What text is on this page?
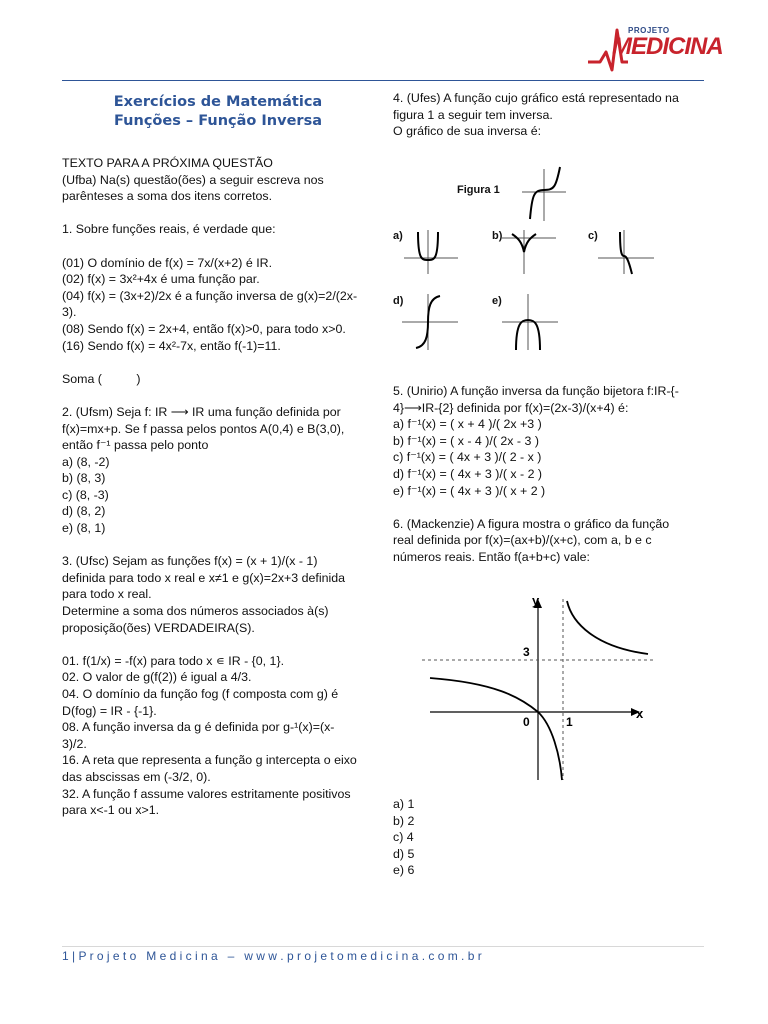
PROJETO
MEDICINA
Exercícios de Matemática
Funções – Função Inversa
TEXTO PARA A PRÓXIMA QUESTÃO
(Ufba) Na(s) questão(ões) a seguir escreva nos
parênteses a soma dos itens corretos.
1. Sobre funções reais, é verdade que:
(01) O domínio de f(x) = 7x/(x+2) é IR.
(02) f(x) = 3x²+4x é uma função par.
(04) f(x) = (3x+2)/2x é a função inversa de g(x)=2/(2x-
3).
(08) Sendo f(x) = 2x+4, então f(x)>0, para todo x>0.
(16) Sendo f(x) = 4x²-7x, então f(-1)=11.
Soma (          )
2. (Ufsm) Seja f: IR ⟶ IR uma função definida por
f(x)=mx+p. Se f passa pelos pontos A(0,4) e B(3,0),
então f⁻¹ passa pelo ponto
a) (8, -2)
b) (8, 3)
c) (8, -3)
d) (8, 2)
e) (8, 1)
3. (Ufsc) Sejam as funções f(x) = (x + 1)/(x - 1)
definida para todo x real e x≠1 e g(x)=2x+3 definida
para todo x real.
Determine a soma dos números associados à(s)
proposição(ões) VERDADEIRA(S).
01. f(1/x) = -f(x) para todo x ∊ IR - {0, 1}.
02. O valor de g(f(2)) é igual a 4/3.
04. O domínio da função fog (f composta com g) é
D(fog) = IR - {-1}.
08. A função inversa da g é definida por g-¹(x)=(x-
3)/2.
16. A reta que representa a função g intercepta o eixo
das abscissas em (-3/2, 0).
32. A função f assume valores estritamente positivos
para x<-1 ou x>1.
4. (Ufes) A função cujo gráfico está representado na
figura 1 a seguir tem inversa.
O gráfico de sua inversa é:
Figura 1
a)	b)	c)
d)	e)
5. (Unirio) A função inversa da função bijetora f:IR-{-
4}⟶IR-{2} definida por f(x)=(2x-3)/(x+4) é:
a) f⁻¹(x) = ( x + 4 )/( 2x +3 )
b) f⁻¹(x) = ( x - 4 )/( 2x - 3 )
c) f⁻¹(x) = ( 4x + 3 )/( 2 - x )
d) f⁻¹(x) = ( 4x + 3 )/( x - 2 )
e) f⁻¹(x) = ( 4x + 3 )/( x + 2 )
6. (Mackenzie) A figura mostra o gráfico da função
real definida por f(x)=(ax+b)/(x+c), com a, b e c
números reais. Então f(a+b+c) vale:
y
x
3
0	1
a) 1
b) 2
c) 4
d) 5
e) 6
1 | P r o j e t o   M e d i c i n a   –   w w w . p r o j e t o m e d i c i n a . c o m . b r
